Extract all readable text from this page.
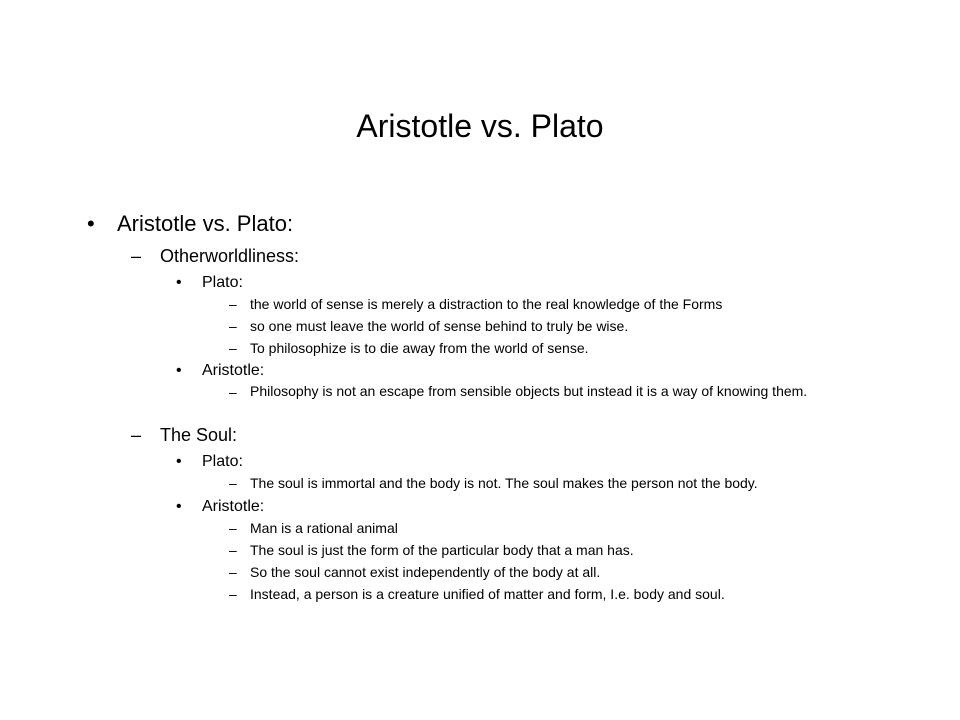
Aristotle vs. Plato
• Aristotle vs. Plato:
– Otherworldliness:
• Plato:
– the world of sense is merely a distraction to the real knowledge of the Forms
– so one must leave the world of sense behind to truly be wise.
– To philosophize is to die away from the world of sense.
• Aristotle:
– Philosophy is not an escape from sensible objects but instead it is a way of knowing them.
– The Soul:
• Plato:
– The soul is immortal and the body is not. The soul makes the person not the body.
• Aristotle:
– Man is a rational animal
– The soul is just the form of the particular body that a man has.
– So the soul cannot exist independently of the body at all.
– Instead, a person is a creature unified of matter and form, I.e. body and soul.
